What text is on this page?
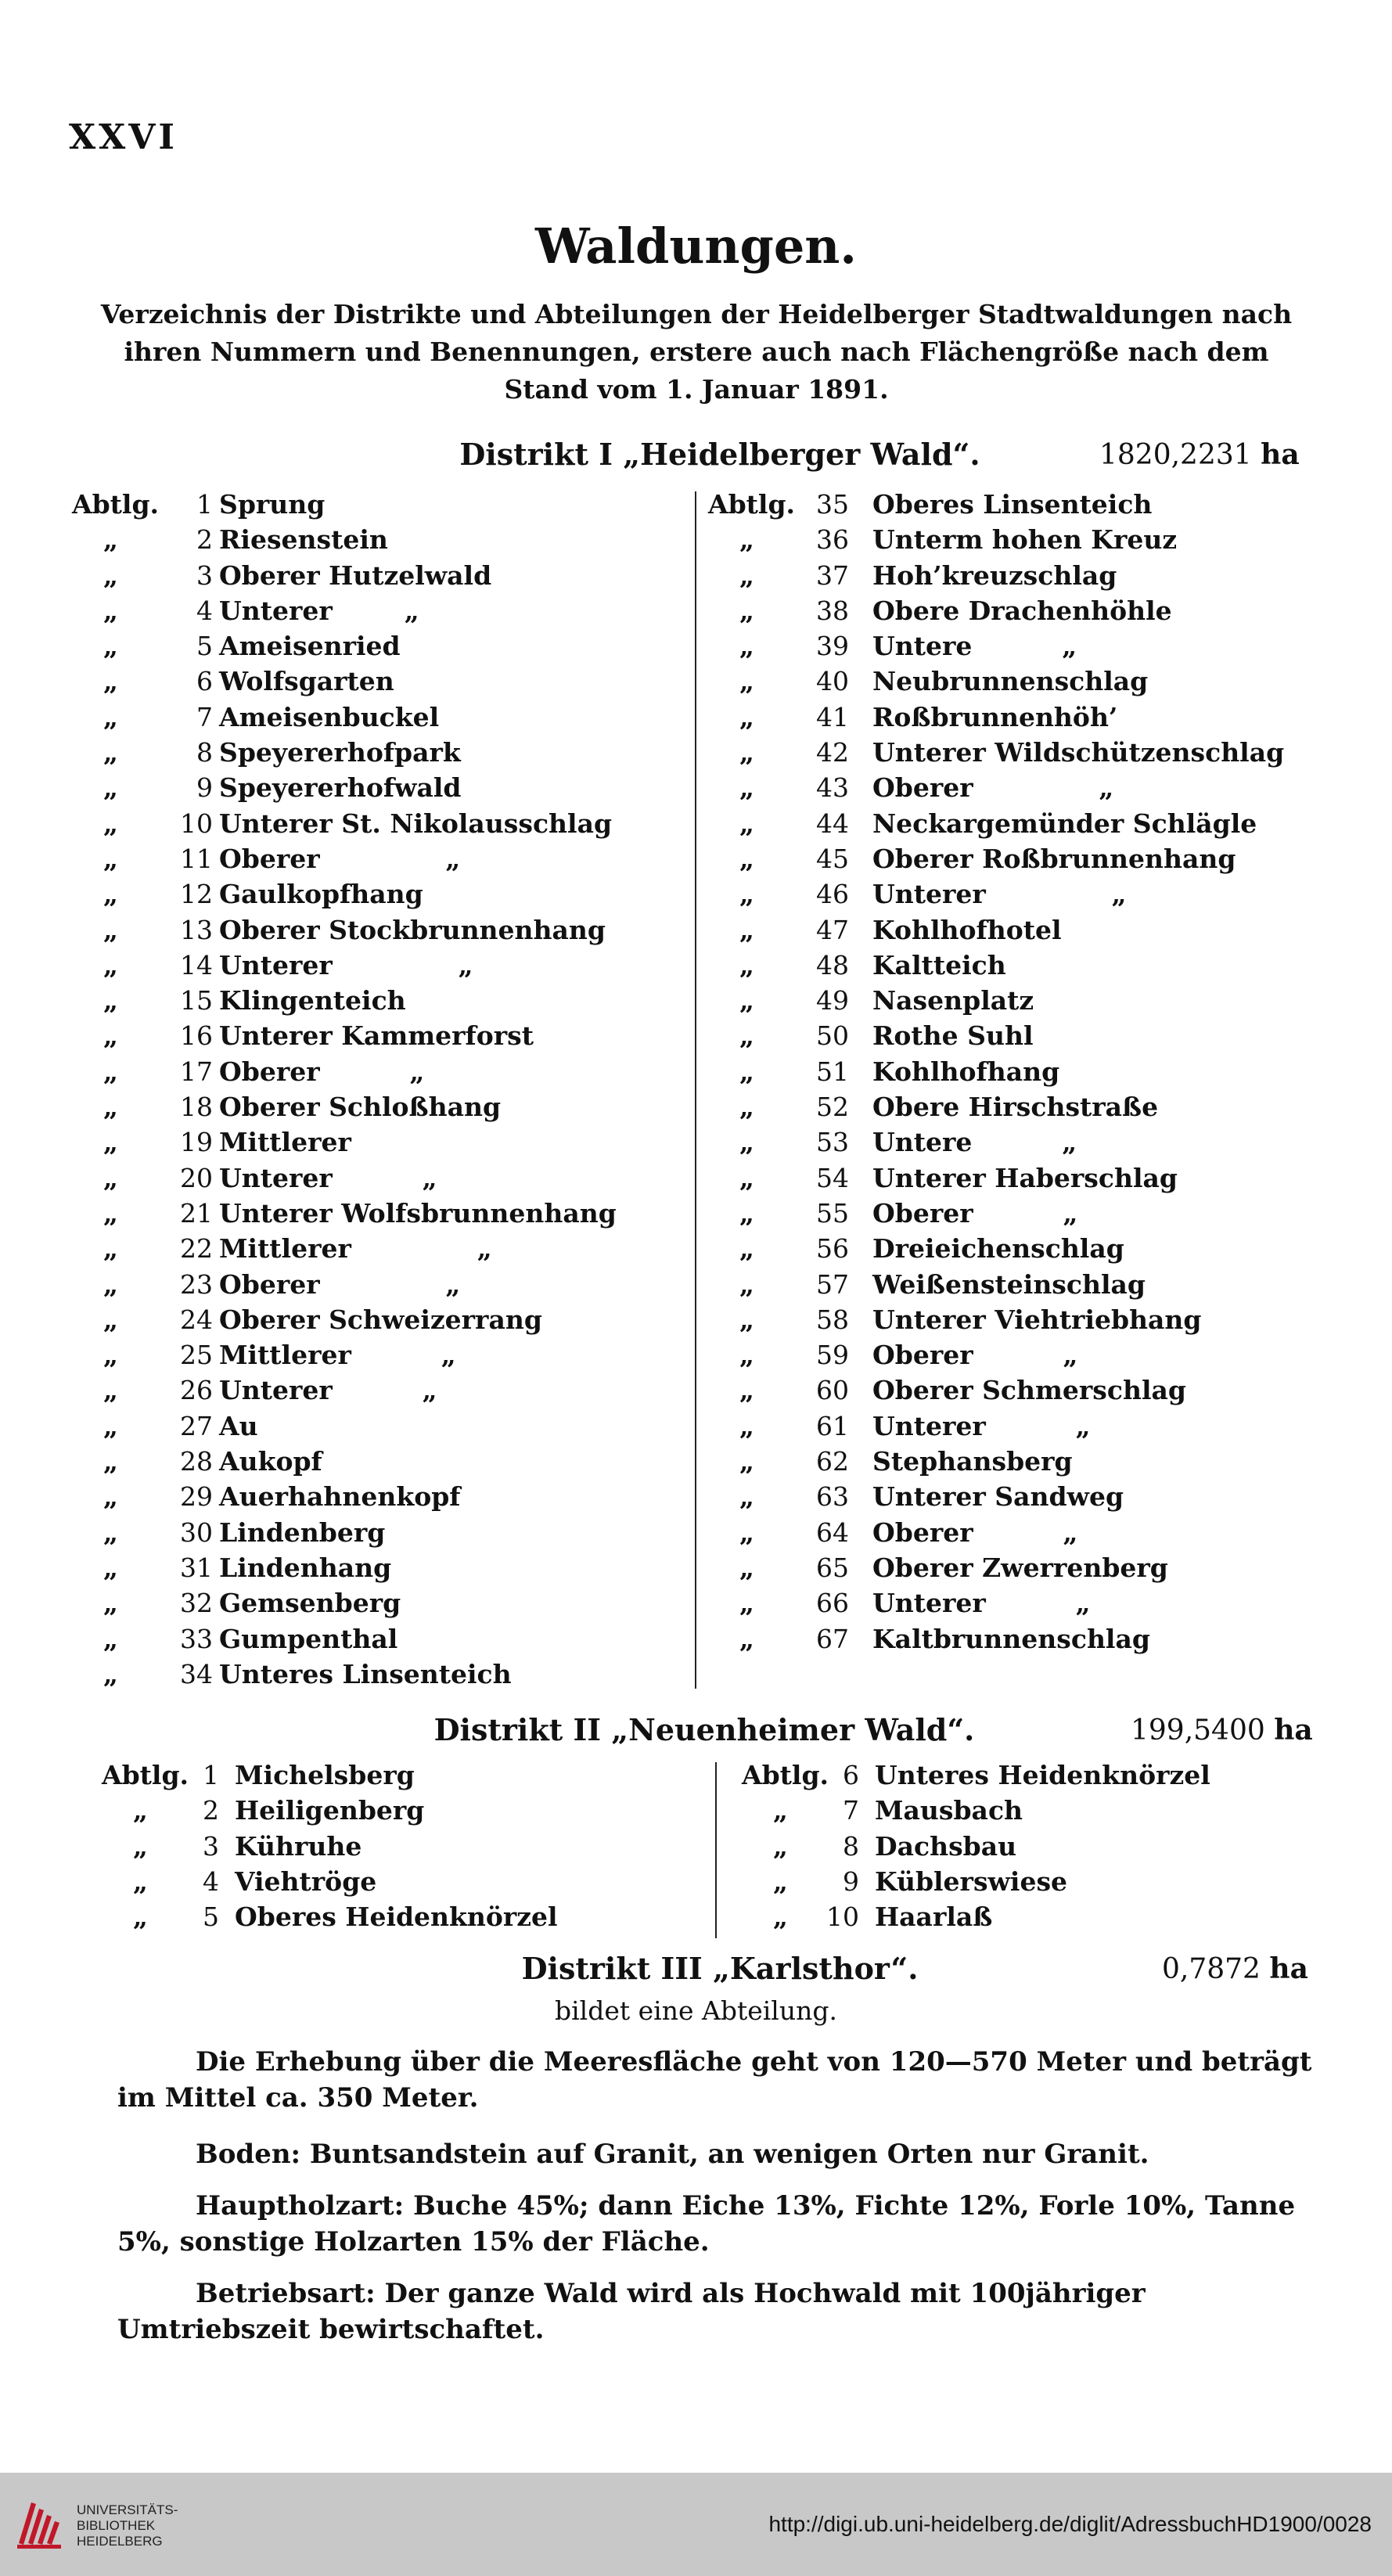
XXVI
Waldungen.
Verzeichnis der Distrikte und Abteilungen der Heidelberger Stadtwaldungen nach ihren Nummern und Benennungen, erstere auch nach Flächengröße nach dem Stand vom 1. Januar 1891.
Distrikt I „Heidelberger Wald“.	1820,2231 ha
Abtlg.	1 Sprung
„	2 Riesenstein
„	3 Oberer Hutzelwald
„	4 Unterer        „
„	5 Ameisenried
„	6 Wolfsgarten
„	7 Ameisenbuckel
„	8 Speyererhofpark
„	9 Speyererhofwald
„	10 Unterer St. Nikolausschlag
„	11 Oberer              „
„	12 Gaulkopfhang
„	13 Oberer Stockbrunnenhang
„	14 Unterer              „
„	15 Klingenteich
„	16 Unterer Kammerforst
„	17 Oberer          „
„	18 Oberer Schloßhang
„	19 Mittlerer
„	20 Unterer          „
„	21 Unterer Wolfsbrunnenhang
„	22 Mittlerer              „
„	23 Oberer              „
„	24 Oberer Schweizerrang
„	25 Mittlerer          „
„	26 Unterer          „
„	27 Au
„	28 Aukopf
„	29 Auerhahnenkopf
„	30 Lindenberg
„	31 Lindenhang
„	32 Gemsenberg
„	33 Gumpenthal
„	34 Unteres Linsenteich
Abtlg. 35 Oberes Linsenteich
„	36 Unterm hohen Kreuz
„	37 Hoh’kreuzschlag
„	38 Obere Drachenhöhle
„	39 Untere          „
„	40 Neubrunnenschlag
„	41 Roßbrunnenhöh’
„	42 Unterer Wildschützenschlag
„	43 Oberer              „
„	44 Neckargemünder Schlägle
„	45 Oberer Roßbrunnenhang
„	46 Unterer              „
„	47 Kohlhofhotel
„	48 Kaltteich
„	49 Nasenplatz
„	50 Rothe Suhl
„	51 Kohlhofhang
„	52 Obere Hirschstraße
„	53 Untere          „
„	54 Unterer Haberschlag
„	55 Oberer          „
„	56 Dreieichenschlag
„	57 Weißensteinschlag
„	58 Unterer Viehtriebhang
„	59 Oberer          „
„	60 Oberer Schmerschlag
„	61 Unterer          „
„	62 Stephansberg
„	63 Unterer Sandweg
„	64 Oberer          „
„	65 Oberer Zwerrenberg
„	66 Unterer          „
„	67 Kaltbrunnenschlag
Distrikt II „Neuenheimer Wald“.	199,5400 ha
Abtlg. 1 Michelsberg
„	2 Heiligenberg
„	3 Kühruhe
„	4 Viehtröge
„	5 Oberes Heidenknörzel
Abtlg. 6 Unteres Heidenknörzel
„	7 Mausbach
„	8 Dachsbau
„	9 Küblerswiese
„	10 Haarlaß
Distrikt III „Karlsthor“.	0,7872 ha
bildet eine Abteilung.
Die Erhebung über die Meeresfläche geht von 120—570 Meter und beträgt im Mittel ca. 350 Meter.
Boden: Buntsandstein auf Granit, an wenigen Orten nur Granit.
Hauptholzart: Buche 45%; dann Eiche 13%, Fichte 12%, Forle 10%, Tanne 5%, sonstige Holzarten 15% der Fläche.
Betriebsart: Der ganze Wald wird als Hochwald mit 100jähriger Umtriebszeit bewirtschaftet.
UNIVERSITÄTS-
BIBLIOTHEK
HEIDELBERG
http://digi.ub.uni-heidelberg.de/diglit/AdressbuchHD1900/0028
